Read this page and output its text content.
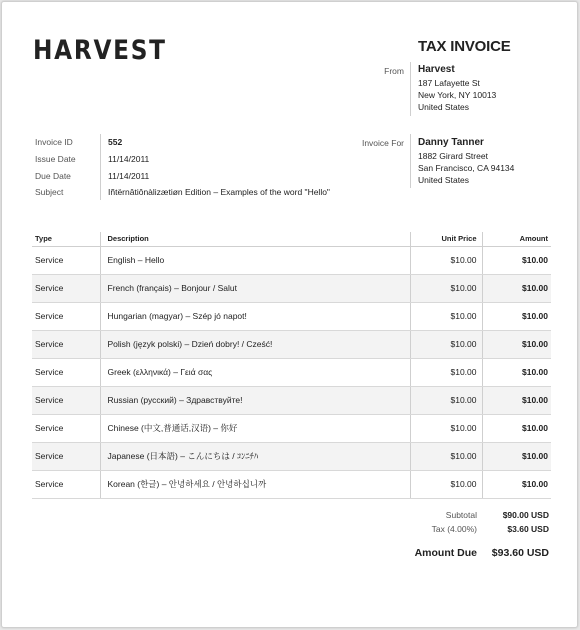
HARVEST	TAX INVOICE
From Harvest
187 Lafayette St
New York, NY 10013
United States
Invoice ID	552
Issue Date	11/14/2011
Due Date	11/14/2011
Subject	Iñtërnâtiônàlizætiøn Edition – Examples of the word "Hello"
Invoice For Danny Tanner
1882 Girard Street
San Francisco, CA 94134
United States
Type	Description	Unit Price	Amount
Service	English – Hello	$10.00	$10.00
Service	French (français) – Bonjour / Salut	$10.00	$10.00
Service	Hungarian (magyar) – Szép jó napot!	$10.00	$10.00
Service	Polish (język polski) – Dzień dobry! / Cześć!	$10.00	$10.00
Service	Greek (ελληνικά) – Γειά σας	$10.00	$10.00
Service	Russian (русский) – Здравствуйте!	$10.00	$10.00
Service	Chinese (中文,普通话,汉语) – 你好	$10.00	$10.00
Service	Japanese (日本語) – こんにちは / ｺﾝﾆﾁﾊ	$10.00	$10.00
Service	Korean (한글) – 안녕하세요 / 안녕하십니까	$10.00	$10.00
Subtotal	$90.00 USD
Tax (4.00%)	$3.60 USD
Amount Due	$93.60 USD
